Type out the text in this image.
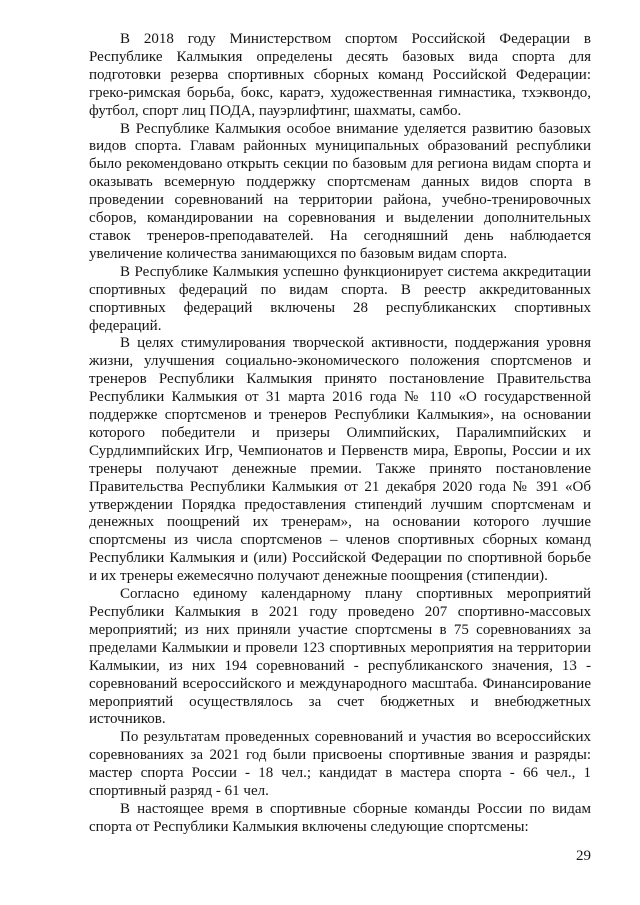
В 2018 году Министерством спортом Российской Федерации в Республике Калмыкия определены десять базовых вида спорта для подготовки резерва спортивных сборных команд Российской Федерации: греко-римская борьба, бокс, каратэ, художественная гимнастика, тхэквондо, футбол, спорт лиц ПОДА, пауэрлифтинг, шахматы, самбо.

В Республике Калмыкия особое внимание уделяется развитию базовых видов спорта. Главам районных муниципальных образований республики было рекомендовано открыть секции по базовым для региона видам спорта и оказывать всемерную поддержку спортсменам данных видов спорта в проведении соревнований на территории района, учебно-тренировочных сборов, командировании на соревнования и выделении дополнительных ставок тренеров-преподавателей. На сегодняшний день наблюдается увеличение количества занимающихся по базовым видам спорта.

В Республике Калмыкия успешно функционирует система аккредитации спортивных федераций по видам спорта. В реестр аккредитованных спортивных федераций включены 28 республиканских спортивных федераций.

В целях стимулирования творческой активности, поддержания уровня жизни, улучшения социально-экономического положения спортсменов и тренеров Республики Калмыкия принято постановление Правительства Республики Калмыкия от 31 марта 2016 года № 110 «О государственной поддержке спортсменов и тренеров Республики Калмыкия», на основании которого победители и призеры Олимпийских, Паралимпийских и Сурдлимпийских Игр, Чемпионатов и Первенств мира, Европы, России и их тренеры получают денежные премии. Также принято постановление Правительства Республики Калмыкия от 21 декабря 2020 года № 391 «Об утверждении Порядка предоставления стипендий лучшим спортсменам и денежных поощрений их тренерам», на основании которого лучшие спортсмены из числа спортсменов – членов спортивных сборных команд Республики Калмыкия и (или) Российской Федерации по спортивной борьбе и их тренеры ежемесячно получают денежные поощрения (стипендии).

Согласно единому календарному плану спортивных мероприятий Республики Калмыкия в 2021 году проведено 207 спортивно-массовых мероприятий; из них приняли участие спортсмены в 75 соревнованиях за пределами Калмыкии и провели 123 спортивных мероприятия на территории Калмыкии, из них 194 соревнований - республиканского значения, 13 - соревнований всероссийского и международного масштаба. Финансирование мероприятий осуществлялось за счет бюджетных и внебюджетных источников.

По результатам проведенных соревнований и участия во всероссийских соревнованиях за 2021 год были присвоены спортивные звания и разряды: мастер спорта России - 18 чел.; кандидат в мастера спорта - 66 чел., 1 спортивный разряд - 61 чел.

В настоящее время в спортивные сборные команды России по видам спорта от Республики Калмыкия включены следующие спортсмены:

29
